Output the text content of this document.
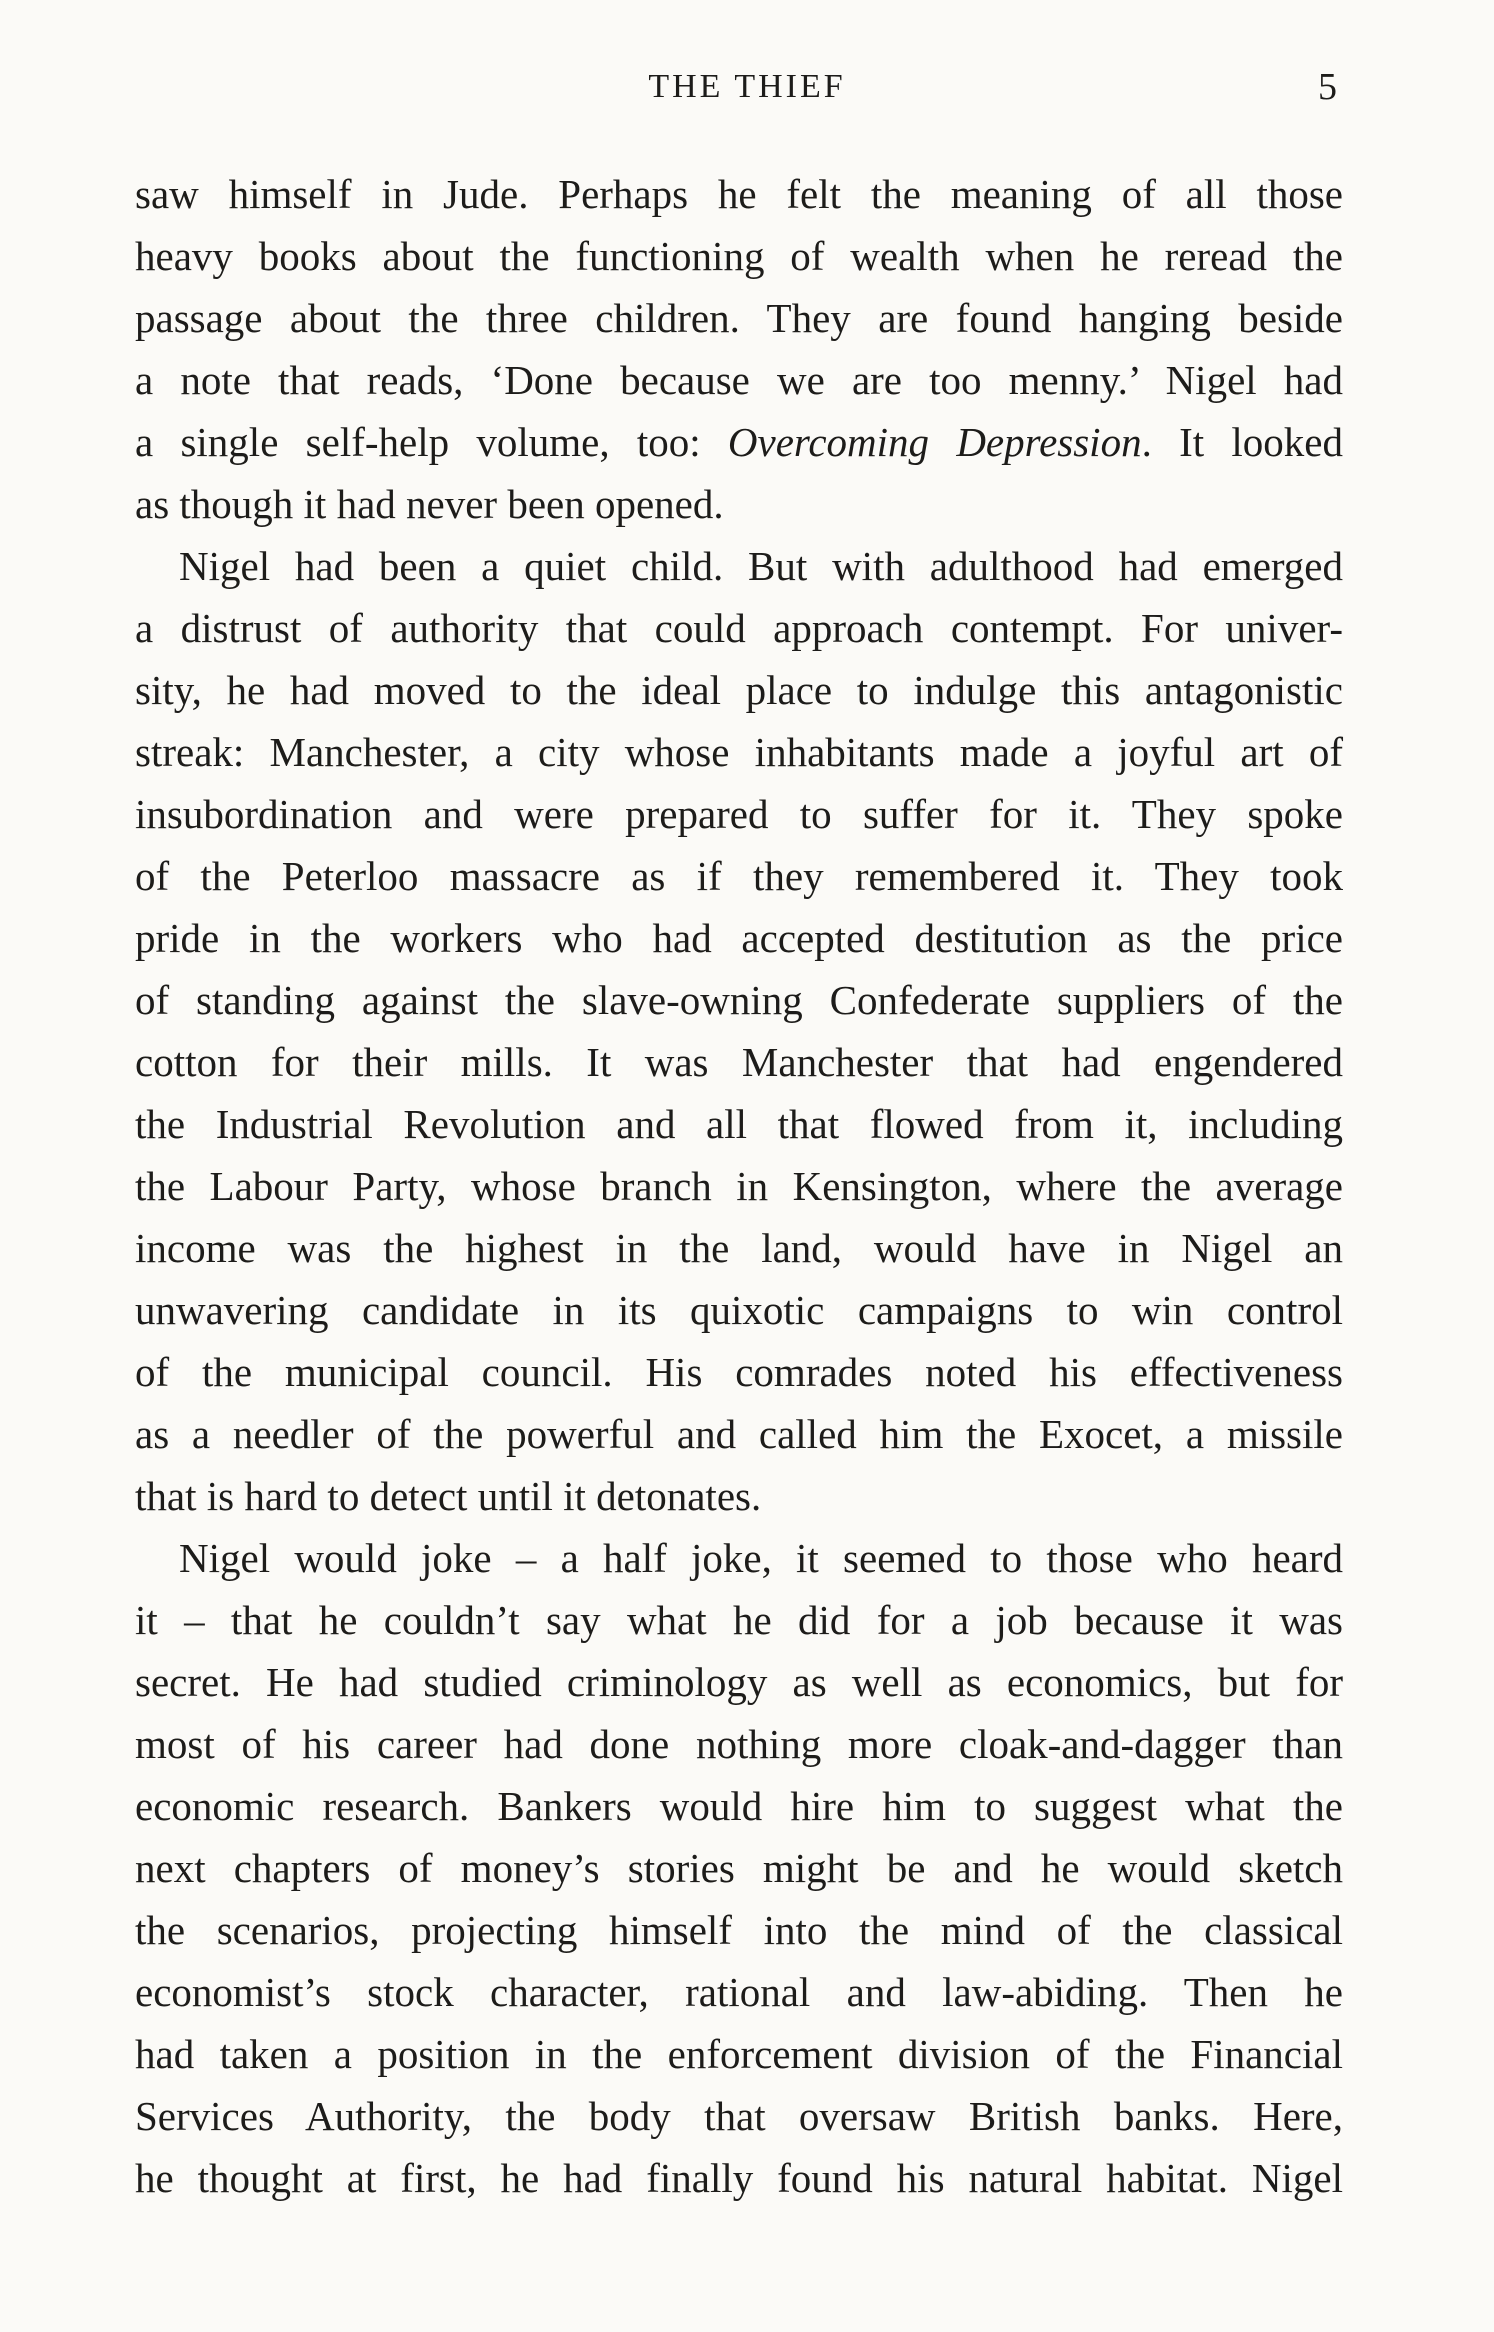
THE THIEF	5
saw himself in Jude. Perhaps he felt the meaning of all those
heavy books about the functioning of wealth when he reread the
passage about the three children. They are found hanging beside
a note that reads, ‘Done because we are too menny.’ Nigel had
a single self-help volume, too: Overcoming Depression. It looked
as though it had never been opened.
Nigel had been a quiet child. But with adulthood had emerged
a distrust of authority that could approach contempt. For univer-
sity, he had moved to the ideal place to indulge this antagonistic
streak: Manchester, a city whose inhabitants made a joyful art of
insubordination and were prepared to suffer for it. They spoke
of the Peterloo massacre as if they remembered it. They took
pride in the workers who had accepted destitution as the price
of standing against the slave-owning Confederate suppliers of the
cotton for their mills. It was Manchester that had engendered
the Industrial Revolution and all that flowed from it, including
the Labour Party, whose branch in Kensington, where the average
income was the highest in the land, would have in Nigel an
unwavering candidate in its quixotic campaigns to win control
of the municipal council. His comrades noted his effectiveness
as a needler of the powerful and called him the Exocet, a missile
that is hard to detect until it detonates.
Nigel would joke – a half joke, it seemed to those who heard
it – that he couldn’t say what he did for a job because it was
secret. He had studied criminology as well as economics, but for
most of his career had done nothing more cloak-and-dagger than
economic research. Bankers would hire him to suggest what the
next chapters of money’s stories might be and he would sketch
the scenarios, projecting himself into the mind of the classical
economist’s stock character, rational and law-abiding. Then he
had taken a position in the enforcement division of the Financial
Services Authority, the body that oversaw British banks. Here,
he thought at first, he had finally found his natural habitat. Nigel
